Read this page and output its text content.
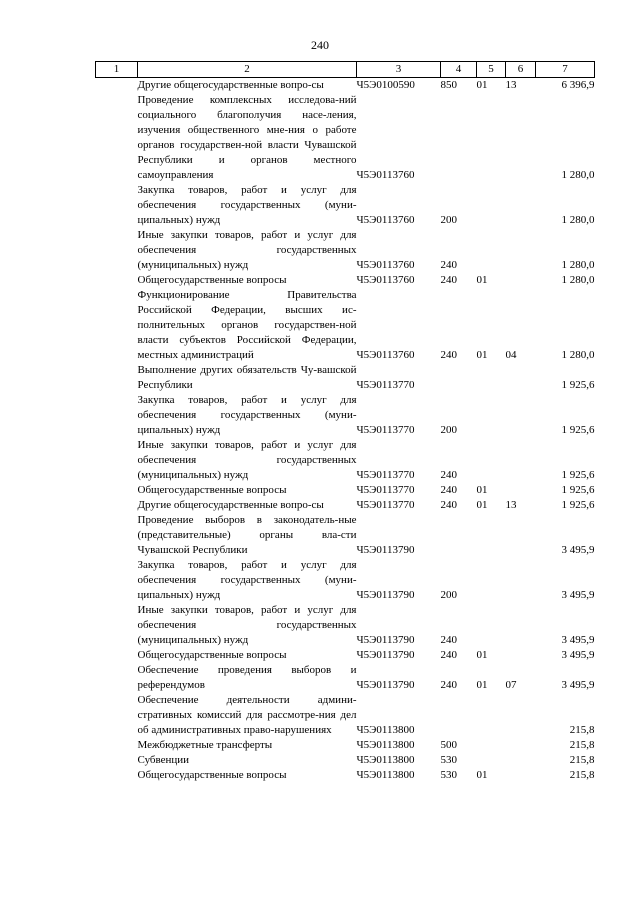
240
1	2	3	4	5	6	7
	Другие общегосударственные вопро-сы	Ч5Э0100590	850	01	13	6 396,9
	Проведение комплексных исследова-ний социального благополучия насе-ления, изучения общественного мне-ния о работе органов государствен-ной власти Чувашской Республики и органов местного самоуправления	Ч5Э0113760				1 280,0
	Закупка товаров, работ и услуг для обеспечения государственных (муни-ципальных) нужд	Ч5Э0113760	200			1 280,0
	Иные закупки товаров, работ и услуг для обеспечения государственных (муниципальных) нужд	Ч5Э0113760	240			1 280,0
	Общегосударственные вопросы	Ч5Э0113760	240	01		1 280,0
	Функционирование Правительства Российской Федерации, высших ис-полнительных органов государствен-ной власти субъектов Российской Федерации, местных администраций	Ч5Э0113760	240	01	04	1 280,0
	Выполнение других обязательств Чу-вашской Республики	Ч5Э0113770				1 925,6
	Закупка товаров, работ и услуг для обеспечения государственных (муни-ципальных) нужд	Ч5Э0113770	200			1 925,6
	Иные закупки товаров, работ и услуг для обеспечения государственных (муниципальных) нужд	Ч5Э0113770	240			1 925,6
	Общегосударственные вопросы	Ч5Э0113770	240	01		1 925,6
	Другие общегосударственные вопро-сы	Ч5Э0113770	240	01	13	1 925,6
	Проведение выборов в законодатель-ные (представительные) органы вла-сти Чувашской Республики	Ч5Э0113790				3 495,9
	Закупка товаров, работ и услуг для обеспечения государственных (муни-ципальных) нужд	Ч5Э0113790	200			3 495,9
	Иные закупки товаров, работ и услуг для обеспечения государственных (муниципальных) нужд	Ч5Э0113790	240			3 495,9
	Общегосударственные вопросы	Ч5Э0113790	240	01		3 495,9
	Обеспечение проведения выборов и референдумов	Ч5Э0113790	240	01	07	3 495,9
	Обеспечение деятельности админи-стративных комиссий для рассмотре-ния дел об административных право-нарушениях	Ч5Э0113800				215,8
	Межбюджетные трансферты	Ч5Э0113800	500			215,8
	Субвенции	Ч5Э0113800	530			215,8
	Общегосударственные вопросы	Ч5Э0113800	530	01		215,8
